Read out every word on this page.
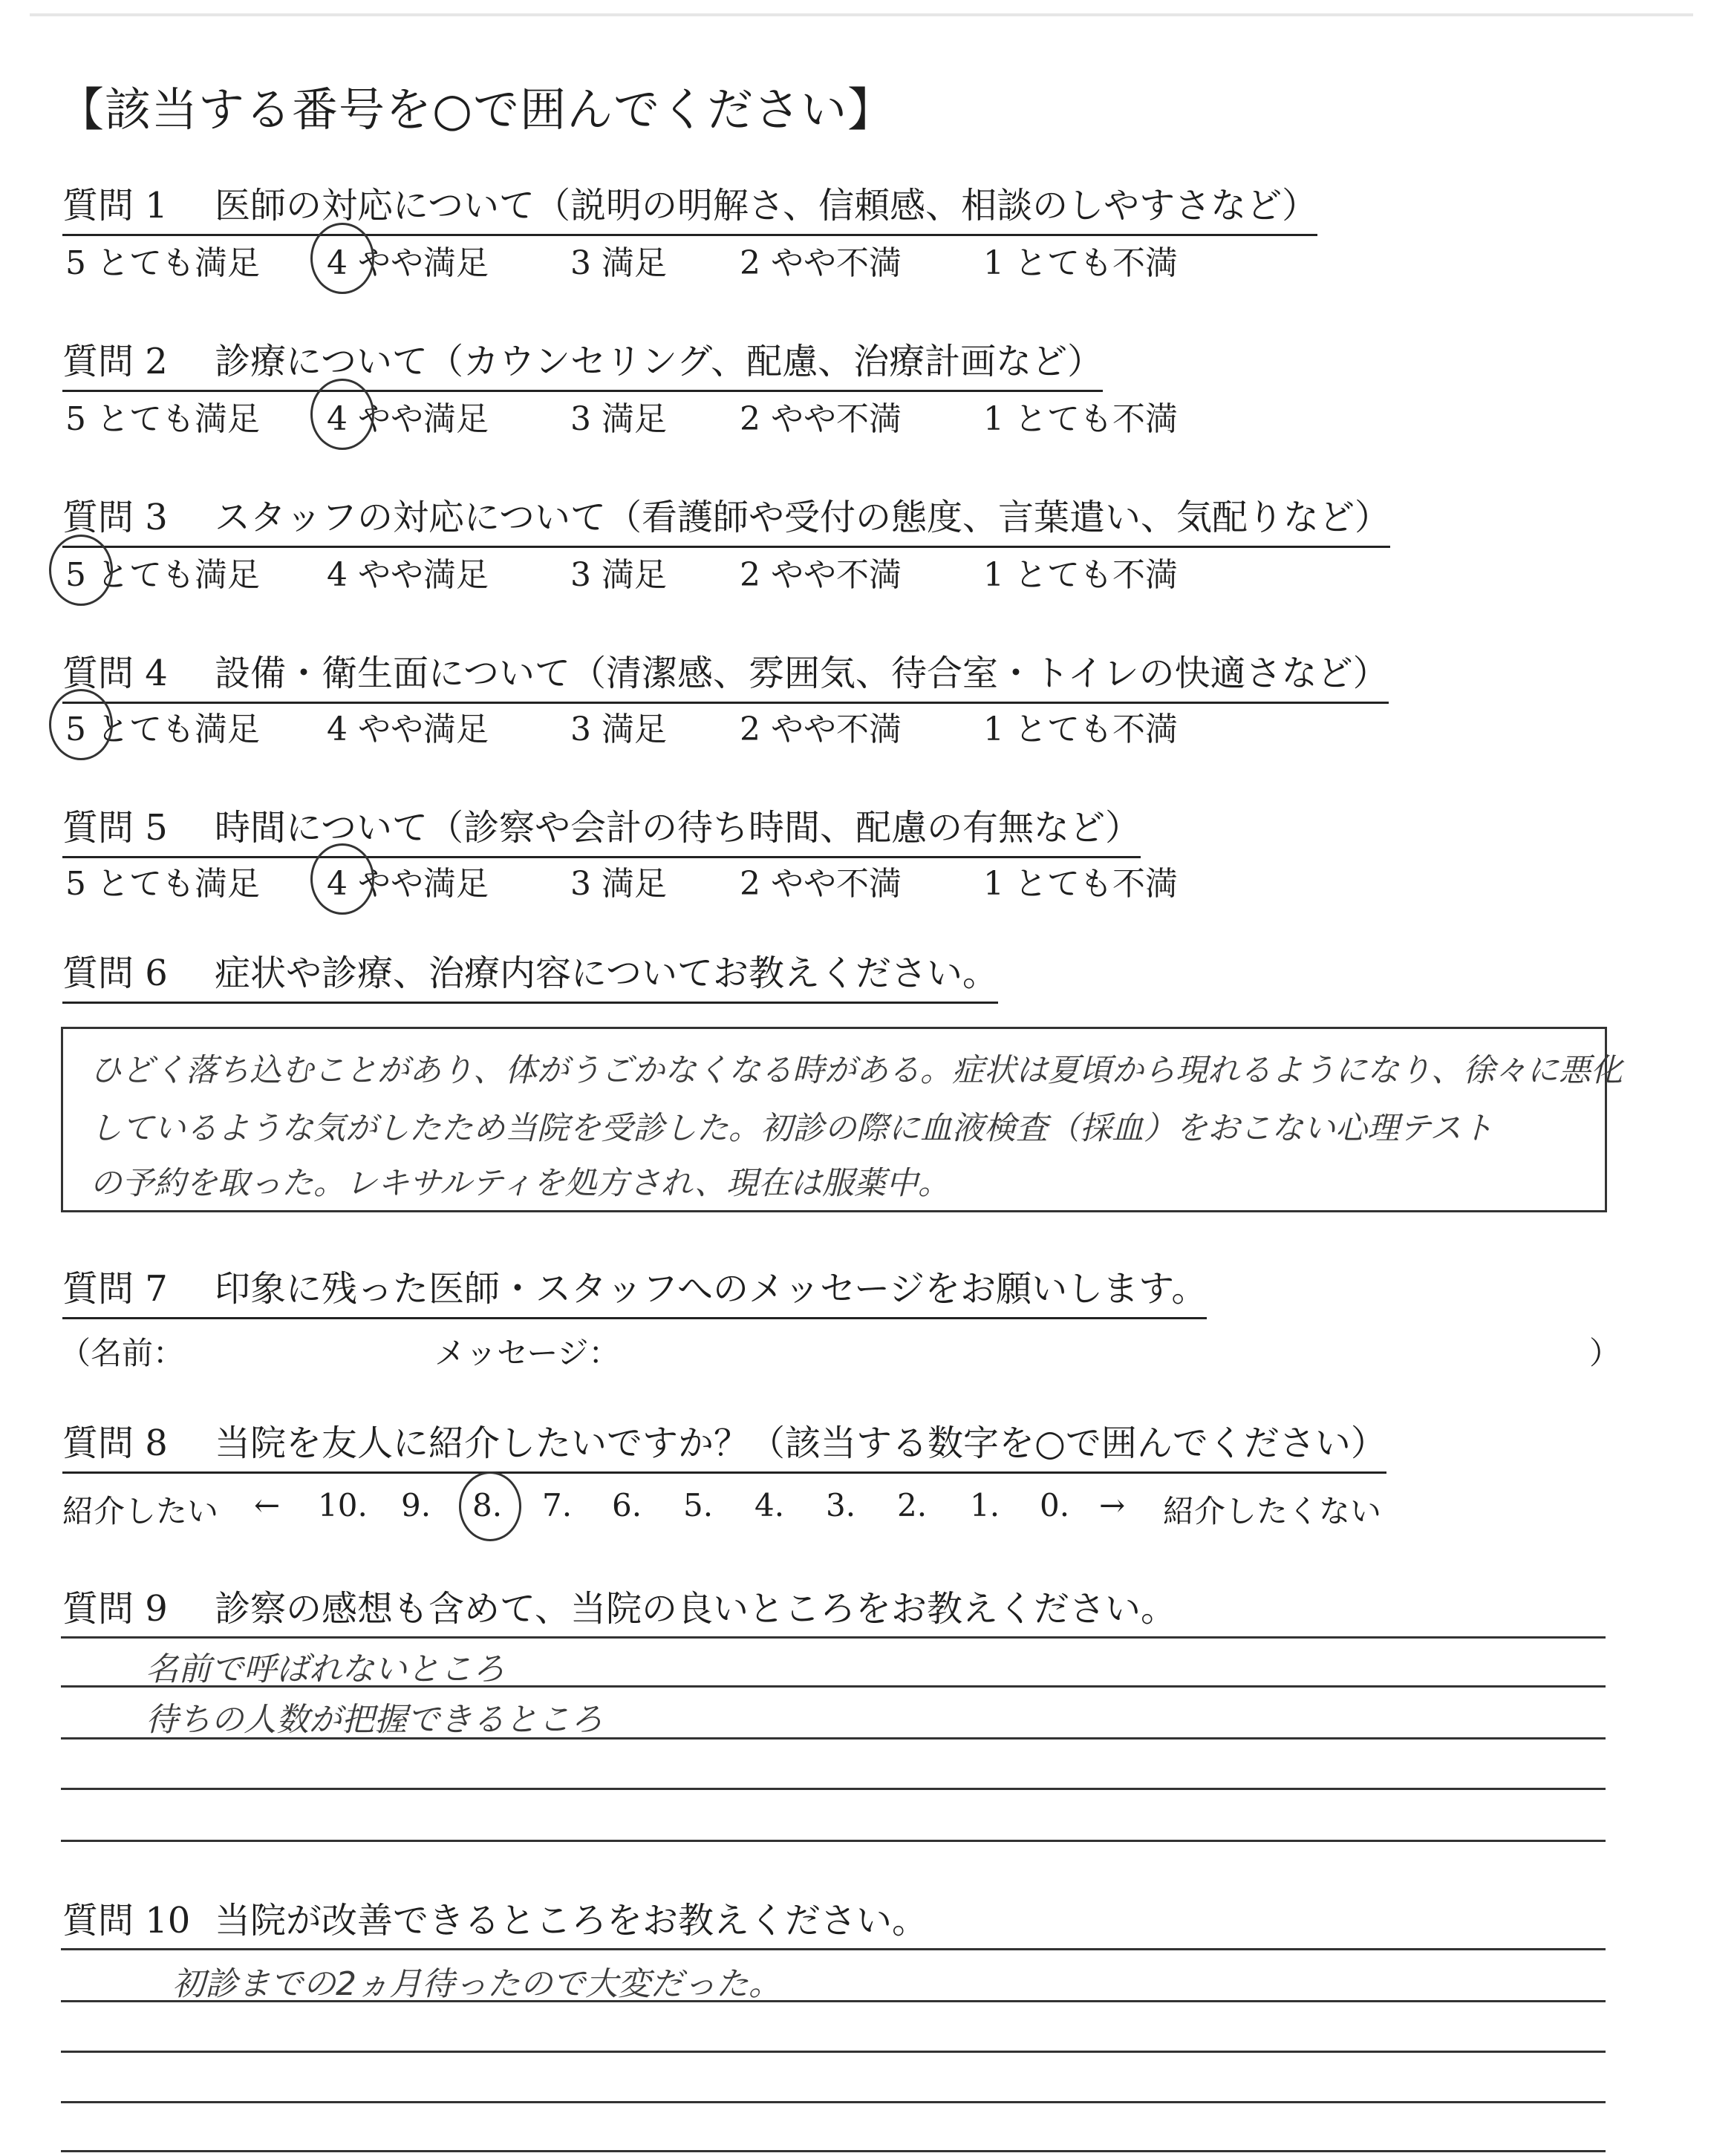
【該当する番号を○で囲んでください】
質問 1 医師の対応について（説明の明解さ、信頼感、相談のしやすさなど）
5 とても満足 4 やや満足	3 満足 2 やや不満	1 とても不満
質問 2 診療について（カウンセリング、配慮、治療計画など）
5 とても満足 4 やや満足	3 満足 2 やや不満	1 とても不満
質問 3 スタッフの対応について（看護師や受付の態度、言葉遣い、気配りなど）
5 とても満足 4 やや満足	3 満足 2 やや不満	1 とても不満
質問 4 設備・衛生面について（清潔感、雰囲気、待合室・トイレの快適さなど）
5 とても満足 4 やや満足	3 満足 2 やや不満	1 とても不満
質問 5 時間について（診察や会計の待ち時間、配慮の有無など）
5 とても満足 4 やや満足	3 満足 2 やや不満	1 とても不満
質問 6 症状や診療、治療内容についてお教えください。
ひどく落ち込むことがあり、体がうごかなくなる時がある。症状は夏頃から現れるようになり、徐々に悪化
しているような気がしたため当院を受診した。初診の際に血液検査（採血）をおこない心理テスト
の予約を取った。レキサルティを処方され、現在は服薬中。
質問 7 印象に残った医師・スタッフへのメッセージをお願いします。
（名前：	メッセージ：	）
質問 8 当院を友人に紹介したいですか？（該当する数字を○で囲んでください）
紹介したい ← 10. 9. 8. 7. 6. 5. 4. 3. 2. 1. 0. → 紹介したくない
質問 9 診察の感想も含めて、当院の良いところをお教えください。
名前で呼ばれないところ
待ちの人数が把握できるところ
質問 10 当院が改善できるところをお教えください。
初診までの2ヵ月待ったので大変だった。
